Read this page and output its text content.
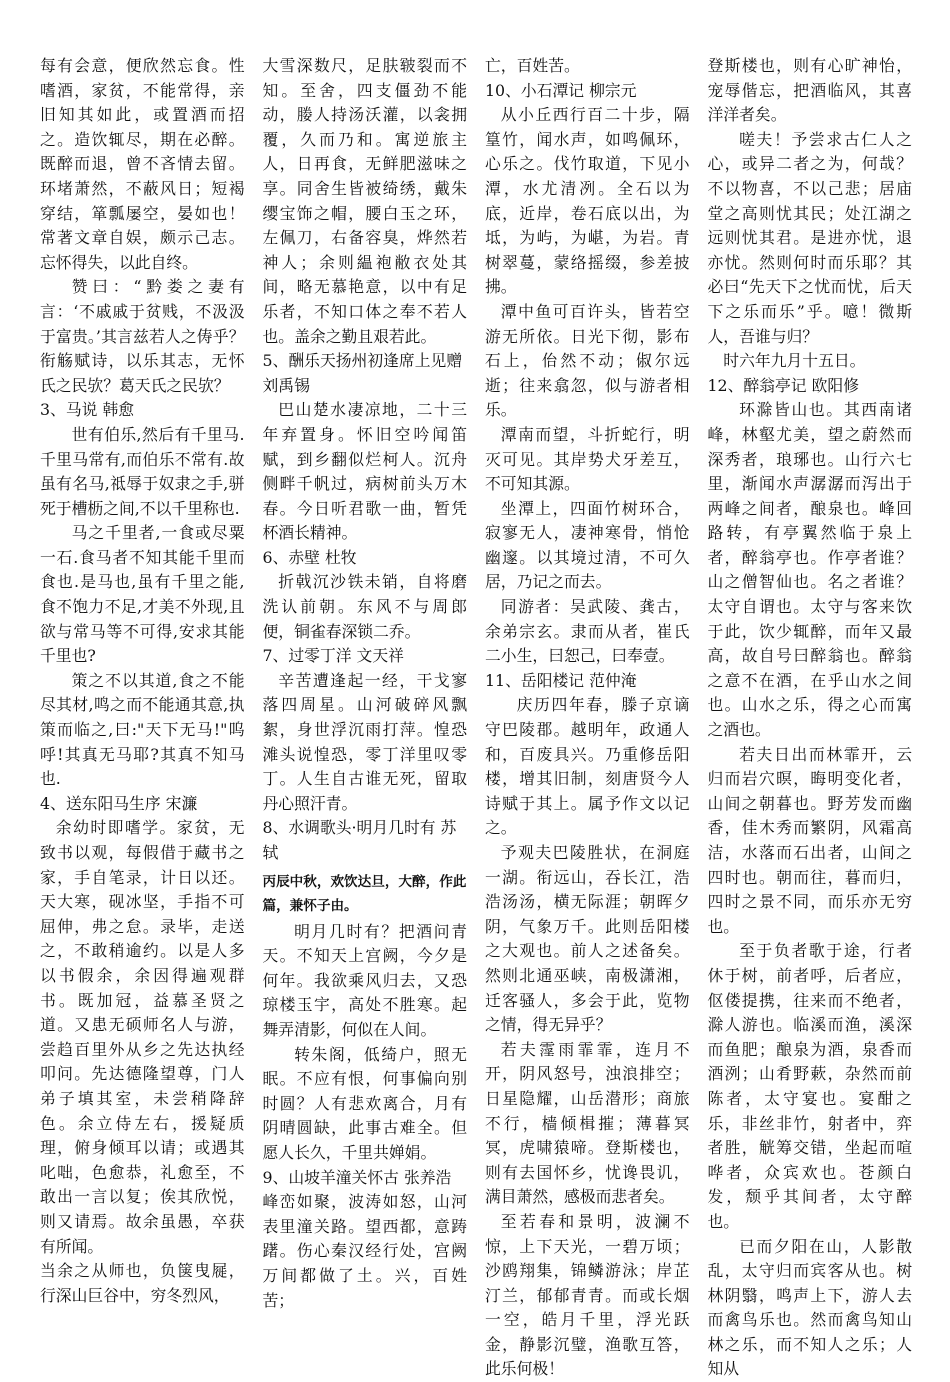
每有会意，便欣然忘食。性嗜酒，家贫，不能常得，亲旧知其如此，或置酒而招之。造饮辄尽，期在必醉。既醉而退，曾不吝情去留。环堵萧然，不蔽风日；短褐穿结，箪瓢屡空，晏如也！常著文章自娱，颇示己志。忘怀得失，以此自终。

赞曰：“黔娄之妻有言：‘不戚戚于贫贱，不汲汲于富贵。’其言兹若人之俦乎？衔觞赋诗，以乐其志，无怀氏之民欤？葛天氏之民欤？

3、马说 韩愈

世有伯乐,然后有千里马.千里马常有,而伯乐不常有.故虽有名马,祗辱于奴隶之手,骈死于槽枥之间,不以千里称也.

马之千里者,一食或尽粟一石.食马者不知其能千里而食也.是马也,虽有千里之能,食不饱力不足,才美不外现,且欲与常马等不可得,安求其能千里也?

策之不以其道,食之不能尽其材,鸣之而不能通其意,执策而临之,曰:"天下无马!"呜呼!其真无马耶?其真不知马也.

4、送东阳马生序 宋濂

余幼时即嗜学。家贫，无致书以观，每假借于藏书之家，手自笔录，计日以还。天大寒，砚冰坚，手指不可屈伸，弗之怠。录毕，走送之，不敢稍逾约。以是人多以书假余，余因得遍观群书。既加冠，益慕圣贤之道。又患无硕师名人与游，尝趋百里外从乡之先达执经叩问。先达德隆望尊，门人弟子填其室，未尝稍降辞色。余立侍左右，援疑质理，俯身倾耳以请；或遇其叱咄，色愈恭，礼愈至，不敢出一言以复；俟其欣悦，则又请焉。故余虽愚，卒获有所闻。

当余之从师也，负箧曳屣，行深山巨谷中，穷冬烈风，

大雪深数尺，足肤皲裂而不知。至舍，四支僵劲不能动，媵人持汤沃灌，以衾拥覆，久而乃和。寓逆旅主人，日再食，无鲜肥滋味之享。同舍生皆被绮绣，戴朱缨宝饰之帽，腰白玉之环，左佩刀，右备容臭，烨然若神人；余则緼袍敝衣处其间，略无慕艳意，以中有足乐者，不知口体之奉不若人也。盖余之勤且艰若此。

5、酬乐天扬州初逢席上见赠 刘禹锡

巴山楚水凄凉地，二十三年弃置身。怀旧空吟闻笛赋，到乡翻似烂柯人。沉舟侧畔千帆过，病树前头万木春。今日听君歌一曲，暂凭杯酒长精神。

6、赤壁 杜牧

折戟沉沙铁未销，自将磨洗认前朝。东风不与周郎便，铜雀春深锁二乔。

7、过零丁洋 文天祥

辛苦遭逢起一经，干戈寥落四周星。山河破碎风飘絮，身世浮沉雨打萍。惶恐滩头说惶恐，零丁洋里叹零丁。人生自古谁无死，留取丹心照汗青。

8、水调歌头·明月几时有 苏轼

丙辰中秋，欢饮达旦，大醉，作此篇，兼怀子由。

明月几时有？把酒问青天。不知天上宫阙，今夕是何年。我欲乘风归去，又恐琼楼玉宇，高处不胜寒。起舞弄清影，何似在人间。

转朱阁，低绮户，照无眠。不应有恨，何事偏向别时圆？人有悲欢离合，月有阴晴圆缺，此事古难全。但愿人长久，千里共婵娟。

9、山坡羊潼关怀古 张养浩

峰峦如聚，波涛如怒，山河表里潼关路。望西都，意踌躇。伤心秦汉经行处，宫阙万间都做了土。兴，百姓苦；

亡，百姓苦。

10、小石潭记 柳宗元

从小丘西行百二十步，隔篁竹，闻水声，如鸣佩环，心乐之。伐竹取道，下见小潭，水尤清冽。全石以为底，近岸，卷石底以出，为坻，为屿，为嵁，为岩。青树翠蔓，蒙络摇缀，参差披拂。

潭中鱼可百许头，皆若空游无所依。日光下彻，影布石上，佁然不动；俶尔远逝；往来翕忽，似与游者相乐。

潭南而望，斗折蛇行，明灭可见。其岸势犬牙差互，不可知其源。

坐潭上，四面竹树环合，寂寥无人，凄神寒骨，悄怆幽邃。以其境过清，不可久居，乃记之而去。

同游者：吴武陵、龚古，余弟宗玄。隶而从者，崔氏二小生，曰恕己，曰奉壹。

11、岳阳楼记 范仲淹

庆历四年春，滕子京谪守巴陵郡。越明年，政通人和，百废具兴。乃重修岳阳楼，增其旧制，刻唐贤今人诗赋于其上。属予作文以记之。

予观夫巴陵胜状，在洞庭一湖。衔远山，吞长江，浩浩汤汤，横无际涯；朝晖夕阴，气象万千。此则岳阳楼之大观也。前人之述备矣。然则北通巫峡，南极潇湘，迁客骚人，多会于此，览物之情，得无异乎？

若夫霪雨霏霏，连月不开，阴风怒号，浊浪排空；日星隐耀，山岳潜形；商旅不行，樯倾楫摧；薄暮冥冥，虎啸猿啼。登斯楼也，则有去国怀乡，忧谗畏讥，满目萧然，感极而悲者矣。

至若春和景明，波澜不惊，上下天光，一碧万顷；沙鸥翔集，锦鳞游泳；岸芷汀兰，郁郁青青。而或长烟一空，皓月千里，浮光跃金，静影沉璧，渔歌互答，此乐何极！

登斯楼也，则有心旷神怡，宠辱偕忘，把酒临风，其喜洋洋者矣。

嗟夫！予尝求古仁人之心，或异二者之为，何哉？不以物喜，不以己悲；居庙堂之高则忧其民；处江湖之远则忧其君。是进亦忧，退亦忧。然则何时而乐耶？其必曰“先天下之忧而忧，后天下之乐而乐”乎。噫！微斯人，吾谁与归？

时六年九月十五日。

12、醉翁亭记 欧阳修

环滁皆山也。其西南诸峰，林壑尤美，望之蔚然而深秀者，琅琊也。山行六七里，渐闻水声潺潺而泻出于两峰之间者，酿泉也。峰回路转，有亭翼然临于泉上者，醉翁亭也。作亭者谁？山之僧智仙也。名之者谁？太守自谓也。太守与客来饮于此，饮少辄醉，而年又最高，故自号曰醉翁也。醉翁之意不在酒，在乎山水之间也。山水之乐，得之心而寓之酒也。

若夫日出而林霏开，云归而岩穴暝，晦明变化者，山间之朝暮也。野芳发而幽香，佳木秀而繁阴，风霜高洁，水落而石出者，山间之四时也。朝而往，暮而归，四时之景不同，而乐亦无穷也。

至于负者歌于途，行者休于树，前者呼，后者应，伛偻提携，往来而不绝者，滁人游也。临溪而渔，溪深而鱼肥；酿泉为酒，泉香而酒洌；山肴野蔌，杂然而前陈者，太守宴也。宴酣之乐，非丝非竹，射者中，弈者胜，觥筹交错，坐起而喧哗者，众宾欢也。苍颜白发，颓乎其间者，太守醉也。

已而夕阳在山，人影散乱，太守归而宾客从也。树林阴翳，鸣声上下，游人去而禽鸟乐也。然而禽鸟知山林之乐，而不知人之乐；人知从
